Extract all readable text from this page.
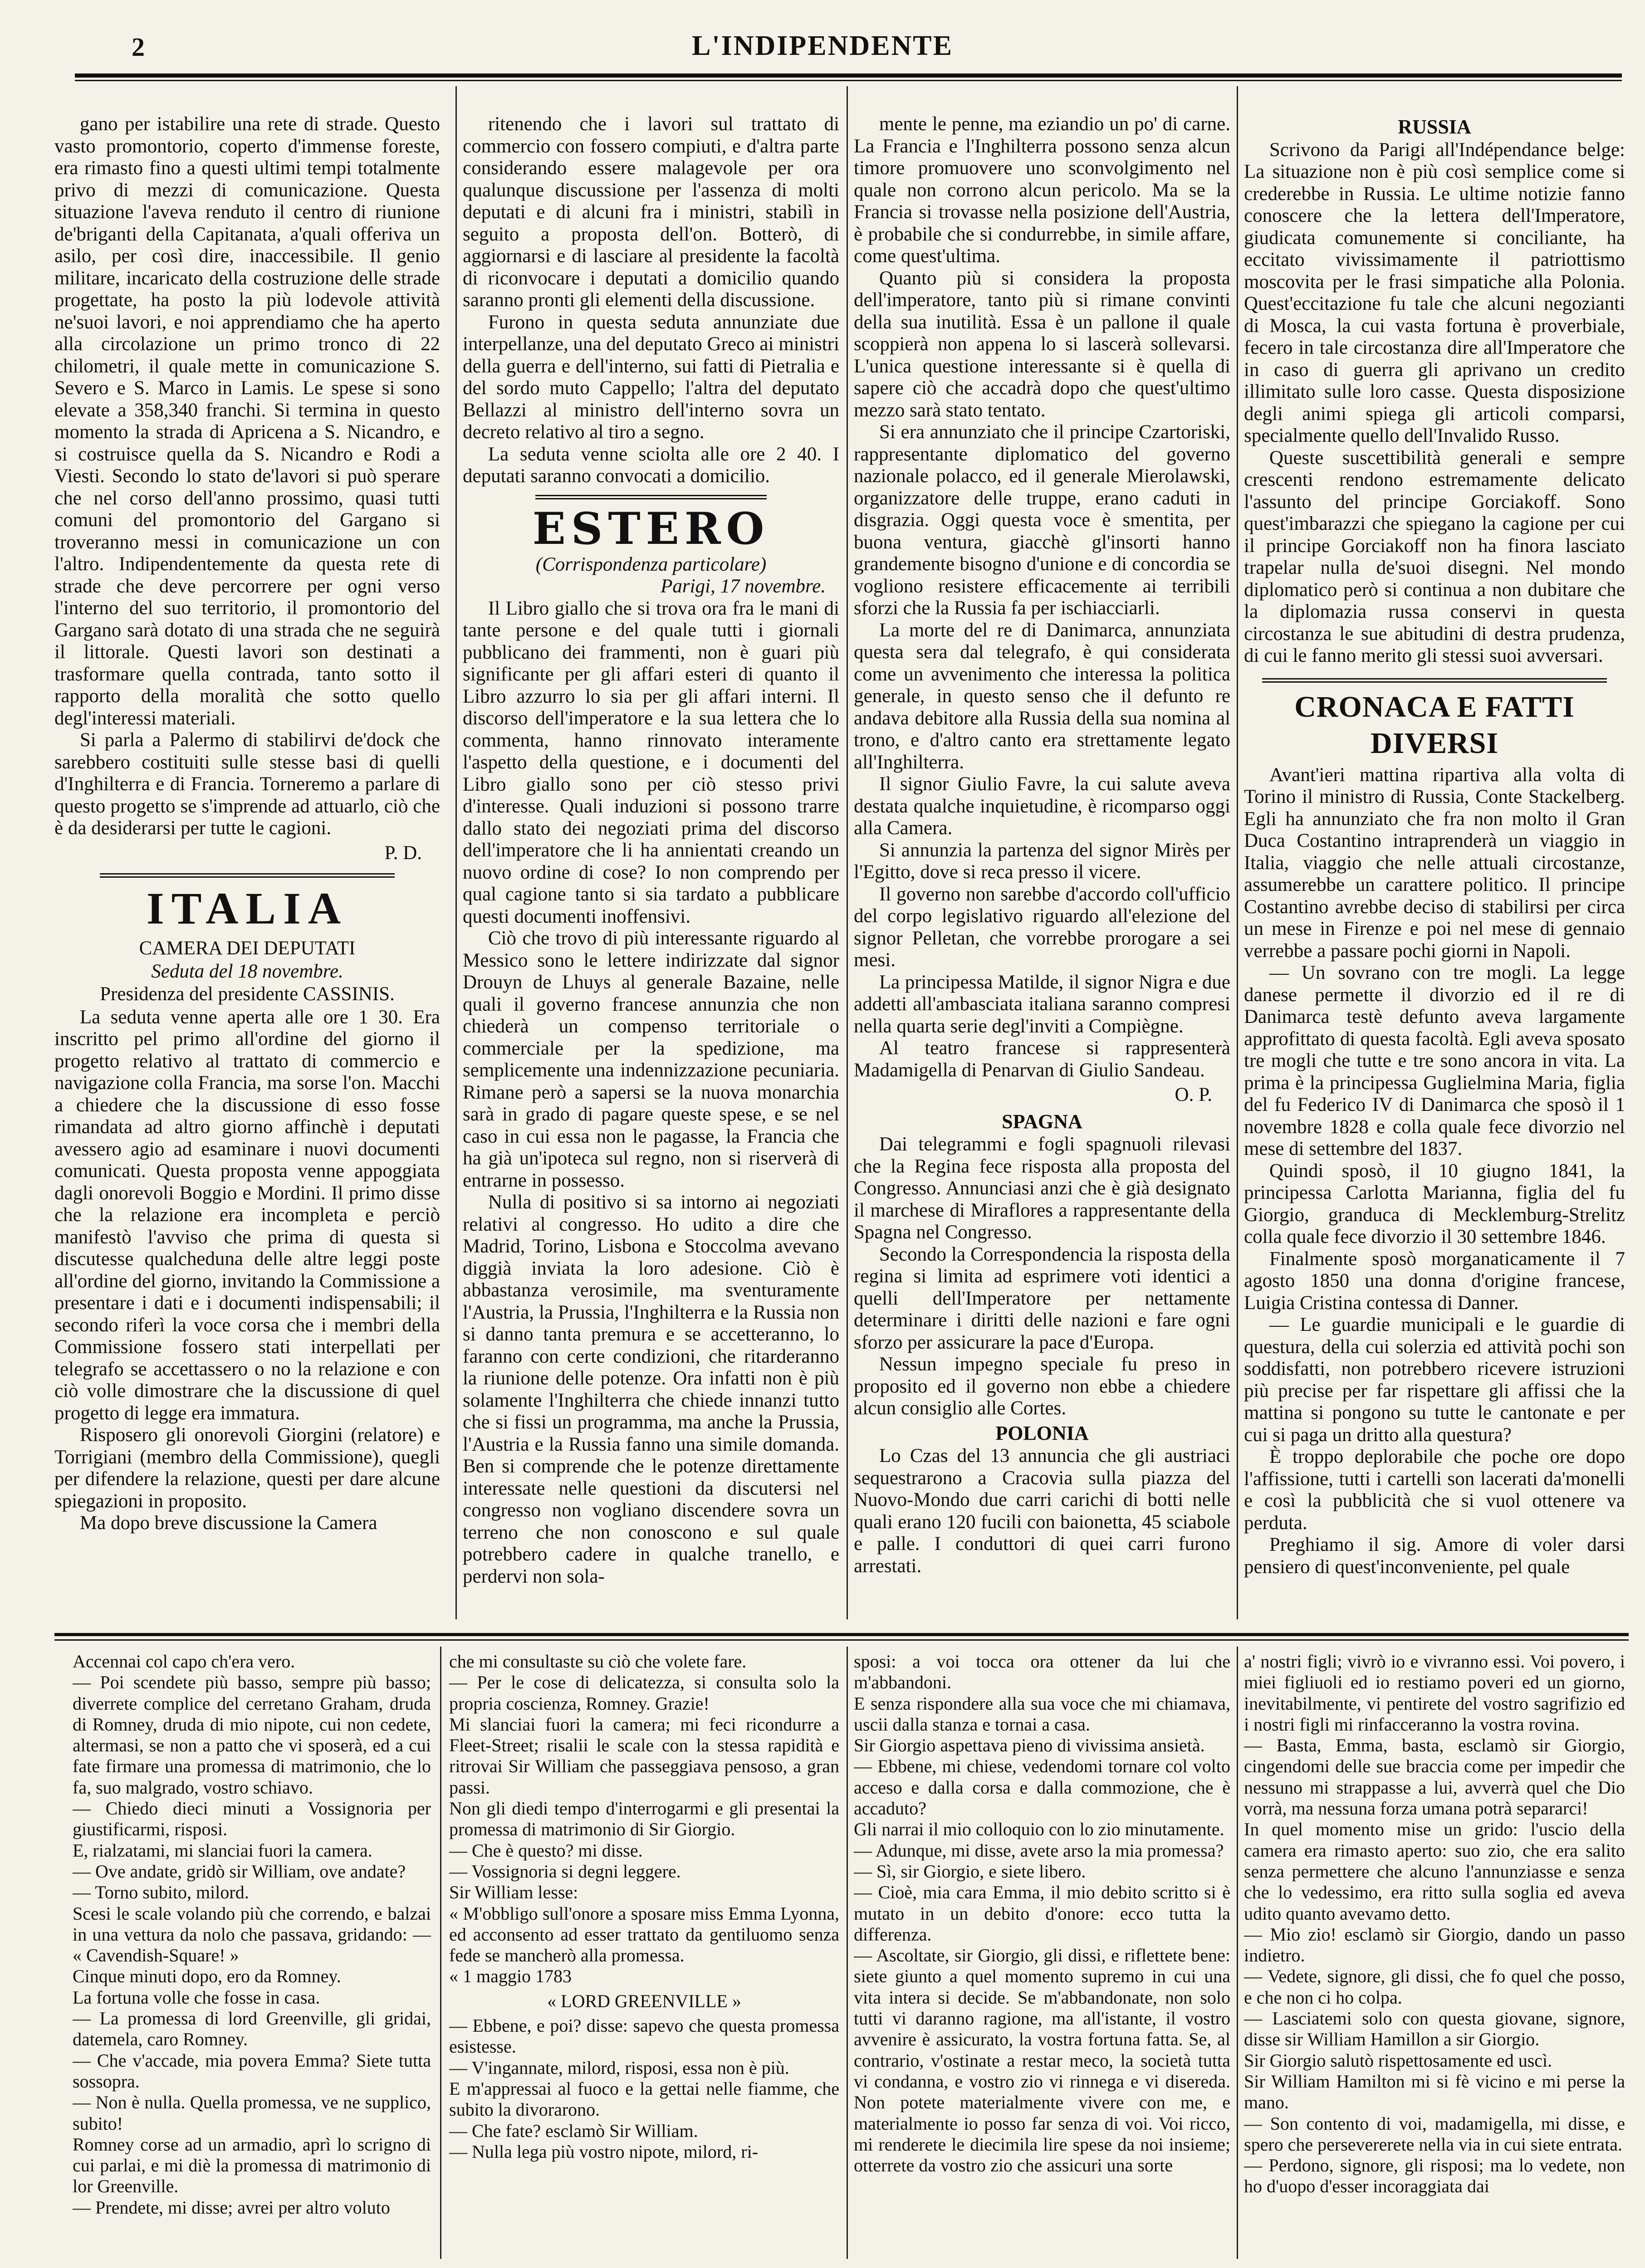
2	L'INDIPENDENTE

gano per istabilire una rete di strade. Questo vasto promontorio, coperto d'immense foreste, era rimasto fino a questi ultimi tempi totalmente privo di mezzi di comunicazione. Questa situazione l'aveva renduto il centro di riunione de'briganti della Capitanata, a'quali offeriva un asilo, per così dire, inaccessibile. Il genio militare, incaricato della costruzione delle strade progettate, ha posto la più lodevole attività ne'suoi lavori, e noi apprendiamo che ha aperto alla circolazione un primo tronco di 22 chilometri, il quale mette in comunicazione S. Severo e S. Marco in Lamis. Le spese si sono elevate a 358,340 franchi. Si termina in questo momento la strada di Apricena a S. Nicandro, e si costruisce quella da S. Nicandro e Rodi a Viesti. Secondo lo stato de'lavori si può sperare che nel corso dell'anno prossimo, quasi tutti comuni del promontorio del Gargano si troveranno messi in comunicazione un con l'altro. Indipendentemente da questa rete di strade che deve percorrere per ogni verso l'interno del suo territorio, il promontorio del Gargano sarà dotato di una strada che ne seguirà il littorale. Questi lavori son destinati a trasformare quella contrada, tanto sotto il rapporto della moralità che sotto quello degl'interessi materiali.

Si parla a Palermo di stabilirvi de'dock che sarebbero costituiti sulle stesse basi di quelli d'Inghilterra e di Francia. Torneremo a parlare di questo progetto se s'imprende ad attuarlo, ciò che è da desiderarsi per tutte le cagioni.

P. D.
ITALIA
CAMERA DEI DEPUTATI
Seduta del 18 novembre.
Presidenza del presidente CASSINIS.

La seduta venne aperta alle ore 1 30. Era inscritto pel primo all'ordine del giorno il progetto relativo al trattato di commercio e navigazione colla Francia, ma sorse l'on. Macchi a chiedere che la discussione di esso fosse rimandata ad altro giorno affinchè i deputati avessero agio ad esaminare i nuovi documenti comunicati. Questa proposta venne appoggiata dagli onorevoli Boggio e Mordini. Il primo disse che la relazione era incompleta e perciò manifestò l'avviso che prima di questa si discutesse qualcheduna delle altre leggi poste all'ordine del giorno, invitando la Commissione a presentare i dati e i documenti indispensabili; il secondo riferì la voce corsa che i membri della Commissione fossero stati interpellati per telegrafo se accettassero o no la relazione e con ciò volle dimostrare che la discussione di quel progetto di legge era immatura.

Risposero gli onorevoli Giorgini (relatore) e Torrigiani (membro della Commissione), quegli per difendere la relazione, questi per dare alcune spiegazioni in proposito.

Ma dopo breve discussione la Camera

ritenendo che i lavori sul trattato di commercio con fossero compiuti, e d'altra parte considerando essere malagevole per ora qualunque discussione per l'assenza di molti deputati e di alcuni fra i ministri, stabilì in seguito a proposta dell'on. Botterò, di aggiornarsi e di lasciare al presidente la facoltà di riconvocare i deputati a domicilio quando saranno pronti gli elementi della discussione.

Furono in questa seduta annunziate due interpellanze, una del deputato Greco ai ministri della guerra e dell'interno, sui fatti di Pietralia e del sordo muto Cappello; l'altra del deputato Bellazzi al ministro dell'interno sovra un decreto relativo al tiro a segno.

La seduta venne sciolta alle ore 2 40. I deputati saranno convocati a domicilio.

ESTERO
(Corrispondenza particolare)
Parigi, 17 novembre.

Il Libro giallo che si trova ora fra le mani di tante persone e del quale tutti i giornali pubblicano dei frammenti, non è guari più significante per gli affari esteri di quanto il Libro azzurro lo sia per gli affari interni. Il discorso dell'imperatore e la sua lettera che lo commenta, hanno rinnovato interamente l'aspetto della questione, e i documenti del Libro giallo sono per ciò stesso privi d'interesse. Quali induzioni si possono trarre dallo stato dei negoziati prima del discorso dell'imperatore che li ha annientati creando un nuovo ordine di cose? Io non comprendo per qual cagione tanto si sia tardato a pubblicare questi documenti inoffensivi.

Ciò che trovo di più interessante riguardo al Messico sono le lettere indirizzate dal signor Drouyn de Lhuys al generale Bazaine, nelle quali il governo francese annunzia che non chiederà un compenso territoriale o commerciale per la spedizione, ma semplicemente una indennizzazione pecuniaria. Rimane però a sapersi se la nuova monarchia sarà in grado di pagare queste spese, e se nel caso in cui essa non le pagasse, la Francia che ha già un'ipoteca sul regno, non si riserverà di entrarne in possesso.

Nulla di positivo si sa intorno ai negoziati relativi al congresso. Ho udito a dire che Madrid, Torino, Lisbona e Stoccolma avevano diggià inviata la loro adesione. Ciò è abbastanza verosimile, ma sventuramente l'Austria, la Prussia, l'Inghilterra e la Russia non si danno tanta premura e se accetteranno, lo faranno con certe condizioni, che ritarderanno la riunione delle potenze. Ora infatti non è più solamente l'Inghilterra che chiede innanzi tutto che si fissi un programma, ma anche la Prussia, l'Austria e la Russia fanno una simile domanda. Ben si comprende che le potenze direttamente interessate nelle questioni da discutersi nel congresso non vogliano discendere sovra un terreno che non conoscono e sul quale potrebbero cadere in qualche tranello, e perdervi non sola-

mente le penne, ma eziandio un po' di carne. La Francia e l'Inghilterra possono senza alcun timore promuovere uno sconvolgimento nel quale non corrono alcun pericolo. Ma se la Francia si trovasse nella posizione dell'Austria, è probabile che si condurrebbe, in simile affare, come quest'ultima.

Quanto più si considera la proposta dell'imperatore, tanto più si rimane convinti della sua inutilità. Essa è un pallone il quale scoppierà non appena lo si lascerà sollevarsi. L'unica questione interessante si è quella di sapere ciò che accadrà dopo che quest'ultimo mezzo sarà stato tentato.

Si era annunziato che il principe Czartoriski, rappresentante diplomatico del governo nazionale polacco, ed il generale Mierolawski, organizzatore delle truppe, erano caduti in disgrazia. Oggi questa voce è smentita, per buona ventura, giacchè gl'insorti hanno grandemente bisogno d'unione e di concordia se vogliono resistere efficacemente ai terribili sforzi che la Russia fa per ischiacciarli.

La morte del re di Danimarca, annunziata questa sera dal telegrafo, è qui considerata come un avvenimento che interessa la politica generale, in questo senso che il defunto re andava debitore alla Russia della sua nomina al trono, e d'altro canto era strettamente legato all'Inghilterra.

Il signor Giulio Favre, la cui salute aveva destata qualche inquietudine, è ricomparso oggi alla Camera.

Si annunzia la partenza del signor Mirès per l'Egitto, dove si reca presso il vicere.

Il governo non sarebbe d'accordo coll'ufficio del corpo legislativo riguardo all'elezione del signor Pelletan, che vorrebbe prorogare a sei mesi.

La principessa Matilde, il signor Nigra e due addetti all'ambasciata italiana saranno compresi nella quarta serie degl'inviti a Compiègne.

Al teatro francese si rappresenterà Madamigella di Penarvan di Giulio Sandeau.

O. P.
SPAGNA

Dai telegrammi e fogli spagnuoli rilevasi che la Regina fece risposta alla proposta del Congresso. Annunciasi anzi che è già designato il marchese di Miraflores a rappresentante della Spagna nel Congresso.

Secondo la Correspondencia la risposta della regina si limita ad esprimere voti identici a quelli dell'Imperatore per nettamente determinare i diritti delle nazioni e fare ogni sforzo per assicurare la pace d'Europa.

Nessun impegno speciale fu preso in proposito ed il governo non ebbe a chiedere alcun consiglio alle Cortes.

POLONIA

Lo Czas del 13 annuncia che gli austriaci sequestrarono a Cracovia sulla piazza del Nuovo-Mondo due carri carichi di botti nelle quali erano 120 fucili con baionetta, 45 sciabole e palle. I conduttori di quei carri furono arrestati.

RUSSIA

Scrivono da Parigi all'Indépendance belge: La situazione non è più così semplice come si crederebbe in Russia. Le ultime notizie fanno conoscere che la lettera dell'Imperatore, giudicata comunemente si conciliante, ha eccitato vivissimamente il patriottismo moscovita per le frasi simpatiche alla Polonia. Quest'eccitazione fu tale che alcuni negozianti di Mosca, la cui vasta fortuna è proverbiale, fecero in tale circostanza dire all'Imperatore che in caso di guerra gli aprivano un credito illimitato sulle loro casse. Questa disposizione degli animi spiega gli articoli comparsi, specialmente quello dell'Invalido Russo.

Queste suscettibilità generali e sempre crescenti rendono estremamente delicato l'assunto del principe Gorciakoff. Sono quest'imbarazzi che spiegano la cagione per cui il principe Gorciakoff non ha finora lasciato trapelar nulla de'suoi disegni. Nel mondo diplomatico però si continua a non dubitare che la diplomazia russa conservi in questa circostanza le sue abitudini di destra prudenza, di cui le fanno merito gli stessi suoi avversari.

CRONACA E FATTI DIVERSI

Avant'ieri mattina ripartiva alla volta di Torino il ministro di Russia, Conte Stackelberg. Egli ha annunziato che fra non molto il Gran Duca Costantino intraprenderà un viaggio in Italia, viaggio che nelle attuali circostanze, assumerebbe un carattere politico. Il principe Costantino avrebbe deciso di stabilirsi per circa un mese in Firenze e poi nel mese di gennaio verrebbe a passare pochi giorni in Napoli.

— Un sovrano con tre mogli. La legge danese permette il divorzio ed il re di Danimarca testè defunto aveva largamente approfittato di questa facoltà. Egli aveva sposato tre mogli che tutte e tre sono ancora in vita. La prima è la principessa Guglielmina Maria, figlia del fu Federico IV di Danimarca che sposò il 1 novembre 1828 e colla quale fece divorzio nel mese di settembre del 1837.

Quindi sposò, il 10 giugno 1841, la principessa Carlotta Marianna, figlia del fu Giorgio, granduca di Mecklemburg-Strelitz colla quale fece divorzio il 30 settembre 1846.

Finalmente sposò morganaticamente il 7 agosto 1850 una donna d'origine francese, Luigia Cristina contessa di Danner.

— Le guardie municipali e le guardie di questura, della cui solerzia ed attività pochi son soddisfatti, non potrebbero ricevere istruzioni più precise per far rispettare gli affissi che la mattina si pongono su tutte le cantonate e per cui si paga un dritto alla questura?

È troppo deplorabile che poche ore dopo l'affissione, tutti i cartelli son lacerati da'monelli e così la pubblicità che si vuol ottenere va perduta.

Preghiamo il sig. Amore di voler darsi pensiero di quest'inconveniente, pel quale

Accennai col capo ch'era vero.
— Poi scendete più basso, sempre più basso; diverrete complice del cerretano Graham, druda di Romney, druda di mio nipote, cui non cedete, altermasi, se non a patto che vi sposerà, ed a cui fate firmare una promessa di matrimonio, che lo fa, suo malgrado, vostro schiavo.
— Chiedo dieci minuti a Vossignoria per giustificarmi, risposi.
E, rialzatami, mi slanciai fuori la camera.
— Ove andate, gridò sir William, ove andate?
— Torno subito, milord.
Scesi le scale volando più che correndo, e balzai in una vettura da nolo che passava, gridando: — « Cavendish-Square! »
Cinque minuti dopo, ero da Romney.
La fortuna volle che fosse in casa.
— La promessa di lord Greenville, gli gridai, datemela, caro Romney.
— Che v'accade, mia povera Emma? Siete tutta sossopra.
— Non è nulla. Quella promessa, ve ne supplico, subito!
Romney corse ad un armadio, aprì lo scrigno di cui parlai, e mi diè la promessa di matrimonio di lor Greenville.
— Prendete, mi disse; avrei per altro voluto
che mi consultaste su ciò che volete fare.
— Per le cose di delicatezza, si consulta solo la propria coscienza, Romney. Grazie!
Mi slanciai fuori la camera; mi feci ricondurre a Fleet-Street; risalii le scale con la stessa rapidità e ritrovai Sir William che passeggiava pensoso, a gran passi.
Non gli diedi tempo d'interrogarmi e gli presentai la promessa di matrimonio di Sir Giorgio.
— Che è questo? mi disse.
— Vossignoria si degni leggere.
Sir William lesse:
« M'obbligo sull'onore a sposare miss Emma Lyonna, ed acconsento ad esser trattato da gentiluomo senza fede se mancherò alla promessa.
« 1 maggio 1783
« LORD GREENVILLE »
— Ebbene, e poi? disse: sapevo che questa promessa esistesse.
— V'ingannate, milord, risposi, essa non è più.
E m'appressai al fuoco e la gettai nelle fiamme, che subito la divorarono.
— Che fate? esclamò Sir William.
— Nulla lega più vostro nipote, milord, ri-
sposi: a voi tocca ora ottener da lui che m'abbandoni.
E senza rispondere alla sua voce che mi chiamava, uscii dalla stanza e tornai a casa.
Sir Giorgio aspettava pieno di vivissima ansietà.
— Ebbene, mi chiese, vedendomi tornare col volto acceso e dalla corsa e dalla commozione, che è accaduto?
Gli narrai il mio colloquio con lo zio minutamente.
— Adunque, mi disse, avete arso la mia promessa?
— Sì, sir Giorgio, e siete libero.
— Cioè, mia cara Emma, il mio debito scritto si è mutato in un debito d'onore: ecco tutta la differenza.
— Ascoltate, sir Giorgio, gli dissi, e riflettete bene: siete giunto a quel momento supremo in cui una vita intera si decide. Se m'abbandonate, non solo tutti vi daranno ragione, ma all'istante, il vostro avvenire è assicurato, la vostra fortuna fatta. Se, al contrario, v'ostinate a restar meco, la società tutta vi condanna, e vostro zio vi rinnega e vi disereda. Non potete materialmente vivere con me, e materialmente io posso far senza di voi. Voi ricco, mi renderete le diecimila lire spese da noi insieme; otterrete da vostro zio che assicuri una sorte
a' nostri figli; vivrò io e vivranno essi. Voi povero, i miei figliuoli ed io restiamo poveri ed un giorno, inevitabilmente, vi pentirete del vostro sagrifizio ed i nostri figli mi rinfacceranno la vostra rovina.
— Basta, Emma, basta, esclamò sir Giorgio, cingendomi delle sue braccia come per impedir che nessuno mi strappasse a lui, avverrà quel che Dio vorrà, ma nessuna forza umana potrà separarci!
In quel momento mise un grido: l'uscio della camera era rimasto aperto: suo zio, che era salito senza permettere che alcuno l'annunziasse e senza che lo vedessimo, era ritto sulla soglia ed aveva udito quanto avevamo detto.
— Mio zio! esclamò sir Giorgio, dando un passo indietro.
— Vedete, signore, gli dissi, che fo quel che posso, e che non ci ho colpa.
— Lasciatemi solo con questa giovane, signore, disse sir William Hamillon a sir Giorgio.
Sir Giorgio salutò rispettosamente ed uscì.
Sir William Hamilton mi si fè vicino e mi perse la mano.
— Son contento di voi, madamigella, mi disse, e spero che persevererete nella via in cui siete entrata.
— Perdono, signore, gli risposi; ma lo vedete, non ho d'uopo d'esser incoraggiata dai
